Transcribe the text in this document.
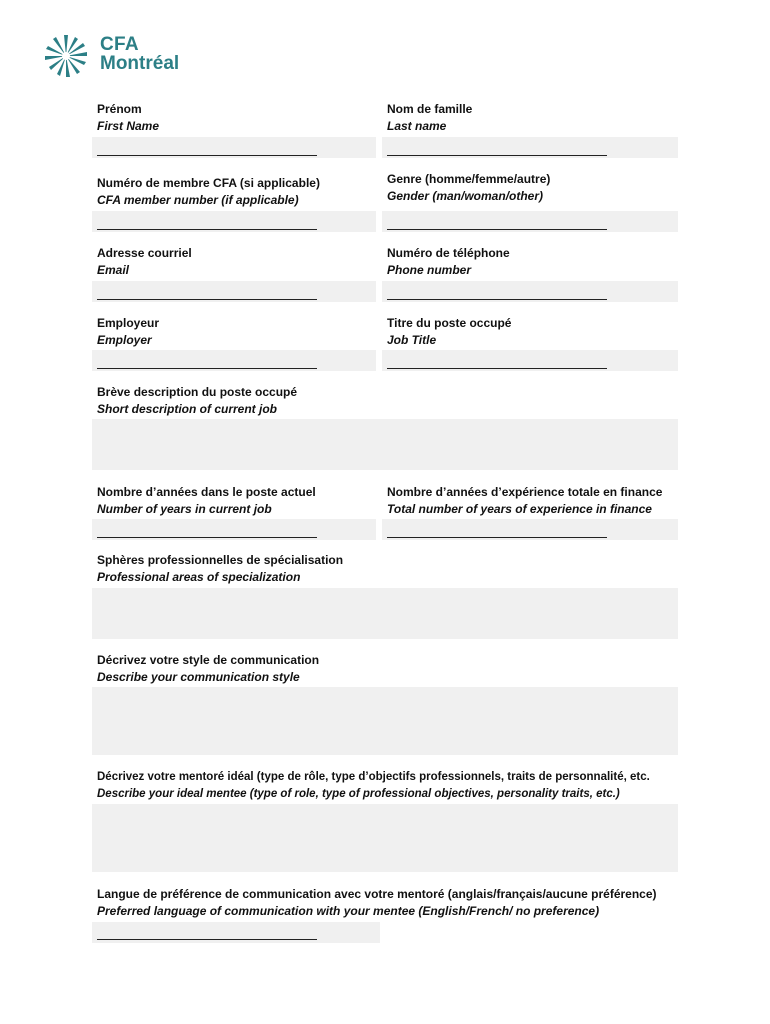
CFA
Montréal
Prénom
First Name
Nom de famille
Last name
Numéro de membre CFA (si applicable)
CFA member number (if applicable)
Genre (homme/femme/autre)
Gender (man/woman/other)
Adresse courriel
Email
Numéro de téléphone
Phone number
Employeur
Employer
Titre du poste occupé
Job Title
Brève description du poste occupé
Short description of current job
Nombre d’années dans le poste actuel
Number of years in current job
Nombre d’années d’expérience totale en finance
Total number of years of experience in finance
Sphères professionnelles de spécialisation
Professional areas of specialization
Décrivez votre style de communication
Describe your communication style
Décrivez votre mentoré idéal (type de rôle, type d’objectifs professionnels, traits de personnalité, etc.
Describe your ideal mentee (type of role, type of professional objectives, personality traits, etc.)
Langue de préférence de communication avec votre mentoré (anglais/français/aucune préférence)
Preferred language of communication with your mentee (English/French/ no preference)
